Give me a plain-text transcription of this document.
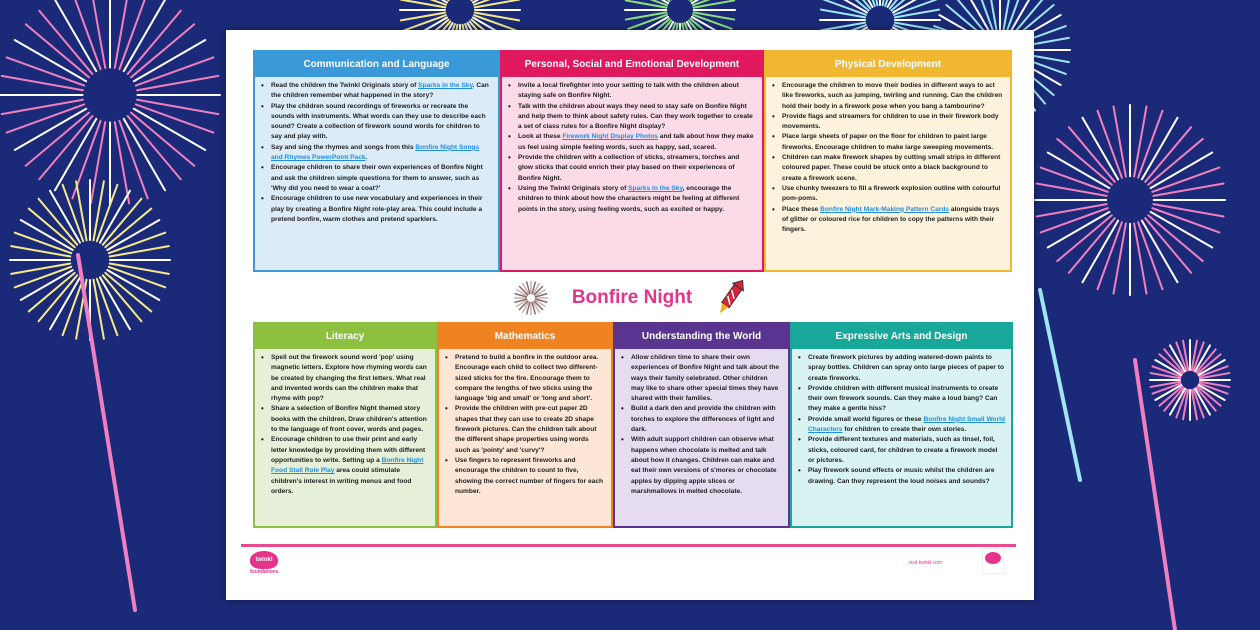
Communication and Language
• Read the children the Twinkl Originals story of Sparks in the Sky. Can the children remember what happened in the story?
• Play the children sound recordings of fireworks or recreate the sounds with instruments. What words can they use to describe each sound? Create a collection of firework sound words for children to say and play with.
• Say and sing the rhymes and songs from this Bonfire Night Songs and Rhymes PowerPoint Pack.
• Encourage children to share their own experiences of Bonfire Night and ask the children simple questions for them to answer, such as 'Why did you need to wear a coat?'
• Encourage children to use new vocabulary and experiences in their play by creating a Bonfire Night role-play area. This could include a pretend bonfire, warm clothes and pretend sparklers.
Personal, Social and Emotional Development
• Invite a local firefighter into your setting to talk with the children about staying safe on Bonfire Night.
• Talk with the children about ways they need to stay safe on Bonfire Night and help them to think about safety rules. Can they work together to create a set of class rules for a Bonfire Night display?
• Look at these Firework Night Display Photos and talk about how they make us feel using simple feeling words, such as happy, sad, scared.
• Provide the children with a collection of sticks, streamers, torches and glow sticks that could enrich their play based on their experiences of Bonfire Night.
• Using the Twinkl Originals story of Sparks in the Sky, encourage the children to think about how the characters might be feeling at different points in the story, using feeling words, such as excited or happy.
Physical Development
• Encourage the children to move their bodies in different ways to act like fireworks, such as jumping, twirling and running. Can the children hold their body in a firework pose when you bang a tambourine?
• Provide flags and streamers for children to use in their firework body movements.
• Place large sheets of paper on the floor for children to paint large fireworks. Encourage children to make large sweeping movements.
• Children can make firework shapes by cutting small strips in different coloured paper. These could be stuck onto a black background to create a firework scene.
• Use chunky tweezers to fill a firework explosion outline with colourful pom-poms.
• Place these Bonfire Night Mark-Making Pattern Cards alongside trays of glitter or coloured rice for children to copy the patterns with their fingers.
Bonfire Night
Literacy
• Spell out the firework sound word 'pop' using magnetic letters. Explore how rhyming words can be created by changing the first letters. What real and invented words can the children make that rhyme with pop?
• Share a selection of Bonfire Night themed story books with the children. Draw children's attention to the language of front cover, words and pages.
• Encourage children to use their print and early letter knowledge by providing them with different opportunities to write. Setting up a Bonfire Night Food Stall Role Play area could stimulate children's interest in writing menus and food orders.
Mathematics
• Pretend to build a bonfire in the outdoor area. Encourage each child to collect two different-sized sticks for the fire. Encourage them to compare the lengths of two sticks using the language 'big and small' or 'long and short'.
• Provide the children with pre-cut paper 2D shapes that they can use to create 2D shape firework pictures. Can the children talk about the different shape properties using words such as 'pointy' and 'curvy'?
• Use fingers to represent fireworks and encourage the children to count to five, showing the correct number of fingers for each number.
Understanding the World
• Allow children time to share their own experiences of Bonfire Night and talk about the ways their family celebrated. Other children may like to share other special times they have shared with their families.
• Build a dark den and provide the children with torches to explore the differences of light and dark.
• With adult support children can observe what happens when chocolate is melted and talk about how it changes. Children can make and eat their own versions of s'mores or chocolate apples by dipping apple slices or marshmallows in melted chocolate.
Expressive Arts and Design
• Create firework pictures by adding watered-down paints to spray bottles. Children can spray onto large pieces of paper to create fireworks.
• Provide children with different musical instruments to create their own firework sounds. Can they make a loud bang? Can they make a gentle hiss?
• Provide small world figures or these Bonfire Night Small World Characters for children to create their own stories.
• Provide different textures and materials, such as tinsel, foil, sticks, coloured card, for children to create a firework model or pictures.
• Play firework sound effects or music whilst the children are drawing. Can they represent the loud noises and sounds?
twinkl
foundations
visit twinkl.com
